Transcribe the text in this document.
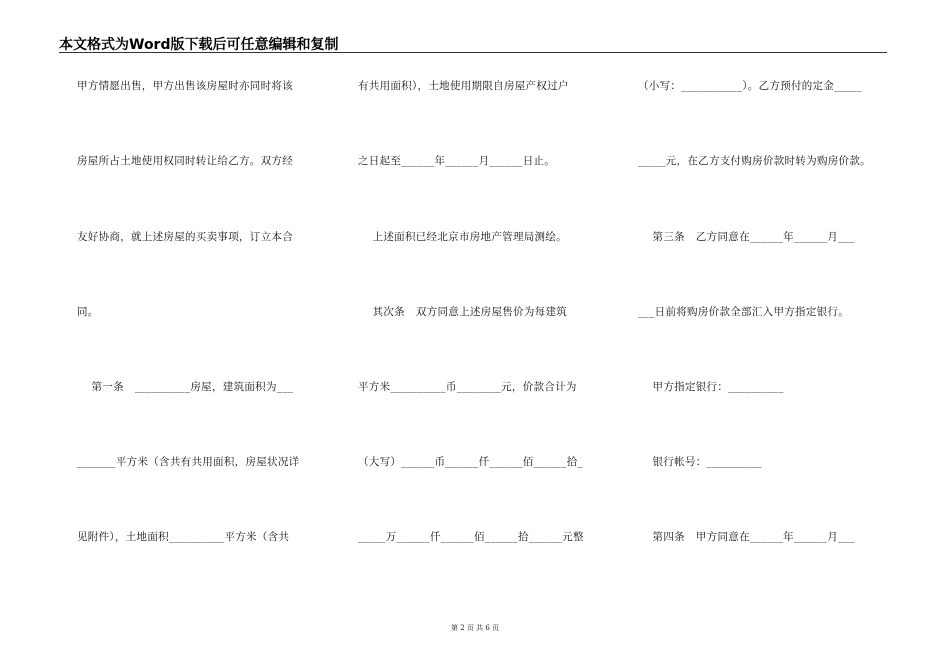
本文格式为Word版下载后可任意编辑和复制
甲方情愿出售，甲方出售该房屋时亦同时将该
房屋所占土地使用权同时转让给乙方。双方经
友好协商，就上述房屋的买卖事项，订立本合
同。
第一条   __________房屋，建筑面积为___
_______平方米（含共有共用面积，房屋状况详
见附件），土地面积__________平方米（含共
有共用面积），土地使用期限自房屋产权过户
之日起至______年______月______日止。
上述面积已经北京市房地产管理局测绘。
其次条   双方同意上述房屋售价为每建筑
平方米__________币________元，价款合计为
（大写）______币______仟______佰______拾_
_____万______仟______佰______拾______元整
（小写：___________）。乙方预付的定金_____
_____元，在乙方支付购房价款时转为购房价款。
第三条   乙方同意在______年______月___
___日前将购房价款全部汇入甲方指定银行。
甲方指定银行：__________
银行帐号：__________
第四条   甲方同意在______年______月___
第 2 页 共 6 页
